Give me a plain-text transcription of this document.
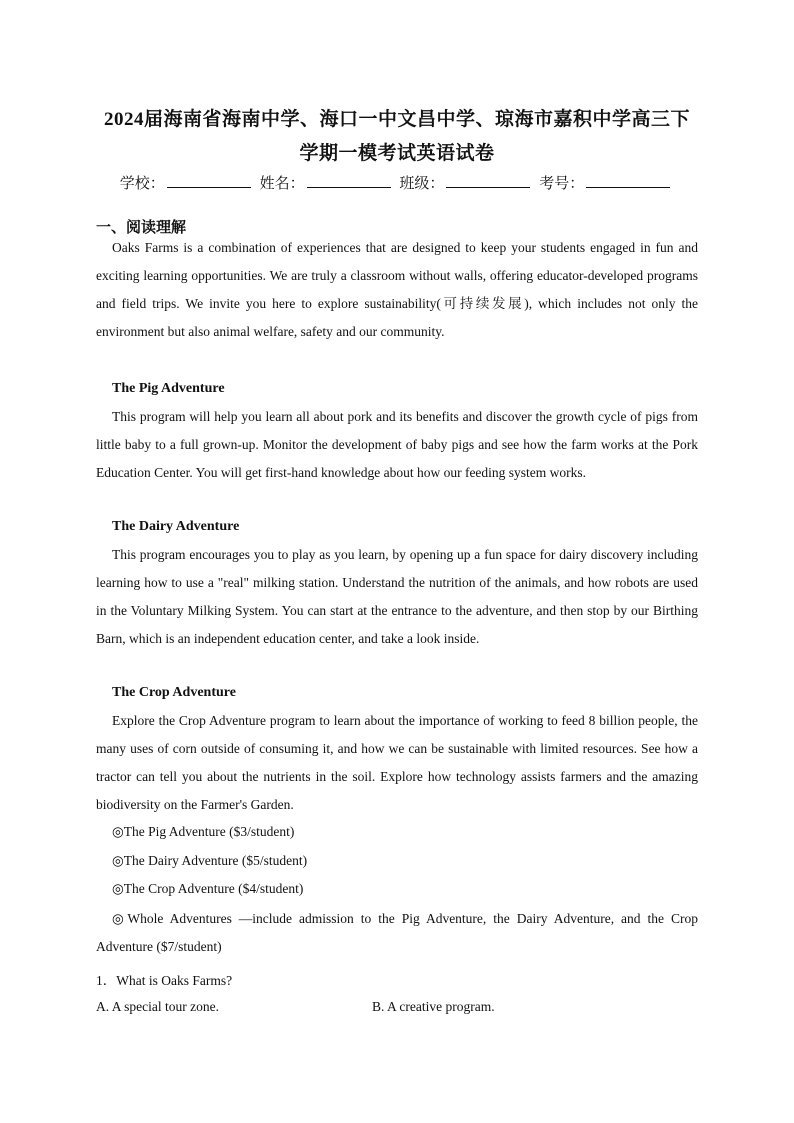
2024届海南省海南中学、海口一中文昌中学、琼海市嘉积中学高三下
学期一模考试英语试卷
学校：	姓名：	班级：	考号：
一、阅读理解

Oaks Farms is a combination of experiences that are designed to keep your students engaged in fun and exciting learning opportunities. We are truly a classroom without walls, offering educator-developed programs and field trips. We invite you here to explore sustainability(可持续发展), which includes not only the environment but also animal welfare, safety and our community.

The Pig Adventure

This program will help you learn all about pork and its benefits and discover the growth cycle of pigs from little baby to a full grown-up. Monitor the development of baby pigs and see how the farm works at the Pork Education Center. You will get first-hand knowledge about how our feeding system works.

The Dairy Adventure

This program encourages you to play as you learn, by opening up a fun space for dairy discovery including learning how to use a "real" milking station. Understand the nutrition of the animals, and how robots are used in the Voluntary Milking System. You can start at the entrance to the adventure, and then stop by our Birthing Barn, which is an independent education center, and take a look inside.

The Crop Adventure

Explore the Crop Adventure program to learn about the importance of working to feed 8 billion people, the many uses of corn outside of consuming it, and how we can be sustainable with limited resources. See how a tractor can tell you about the nutrients in the soil. Explore how technology assists farmers and the amazing biodiversity on the Farmer's Garden.

◎The Pig Adventure ($3/student)
◎The Dairy Adventure ($5/student)
◎The Crop Adventure ($4/student)

◎Whole Adventures —include admission to the Pig Adventure, the Dairy Adventure, and the Crop Adventure ($7/student)

1．What is Oaks Farms?
A. A special tour zone.	B. A creative program.
